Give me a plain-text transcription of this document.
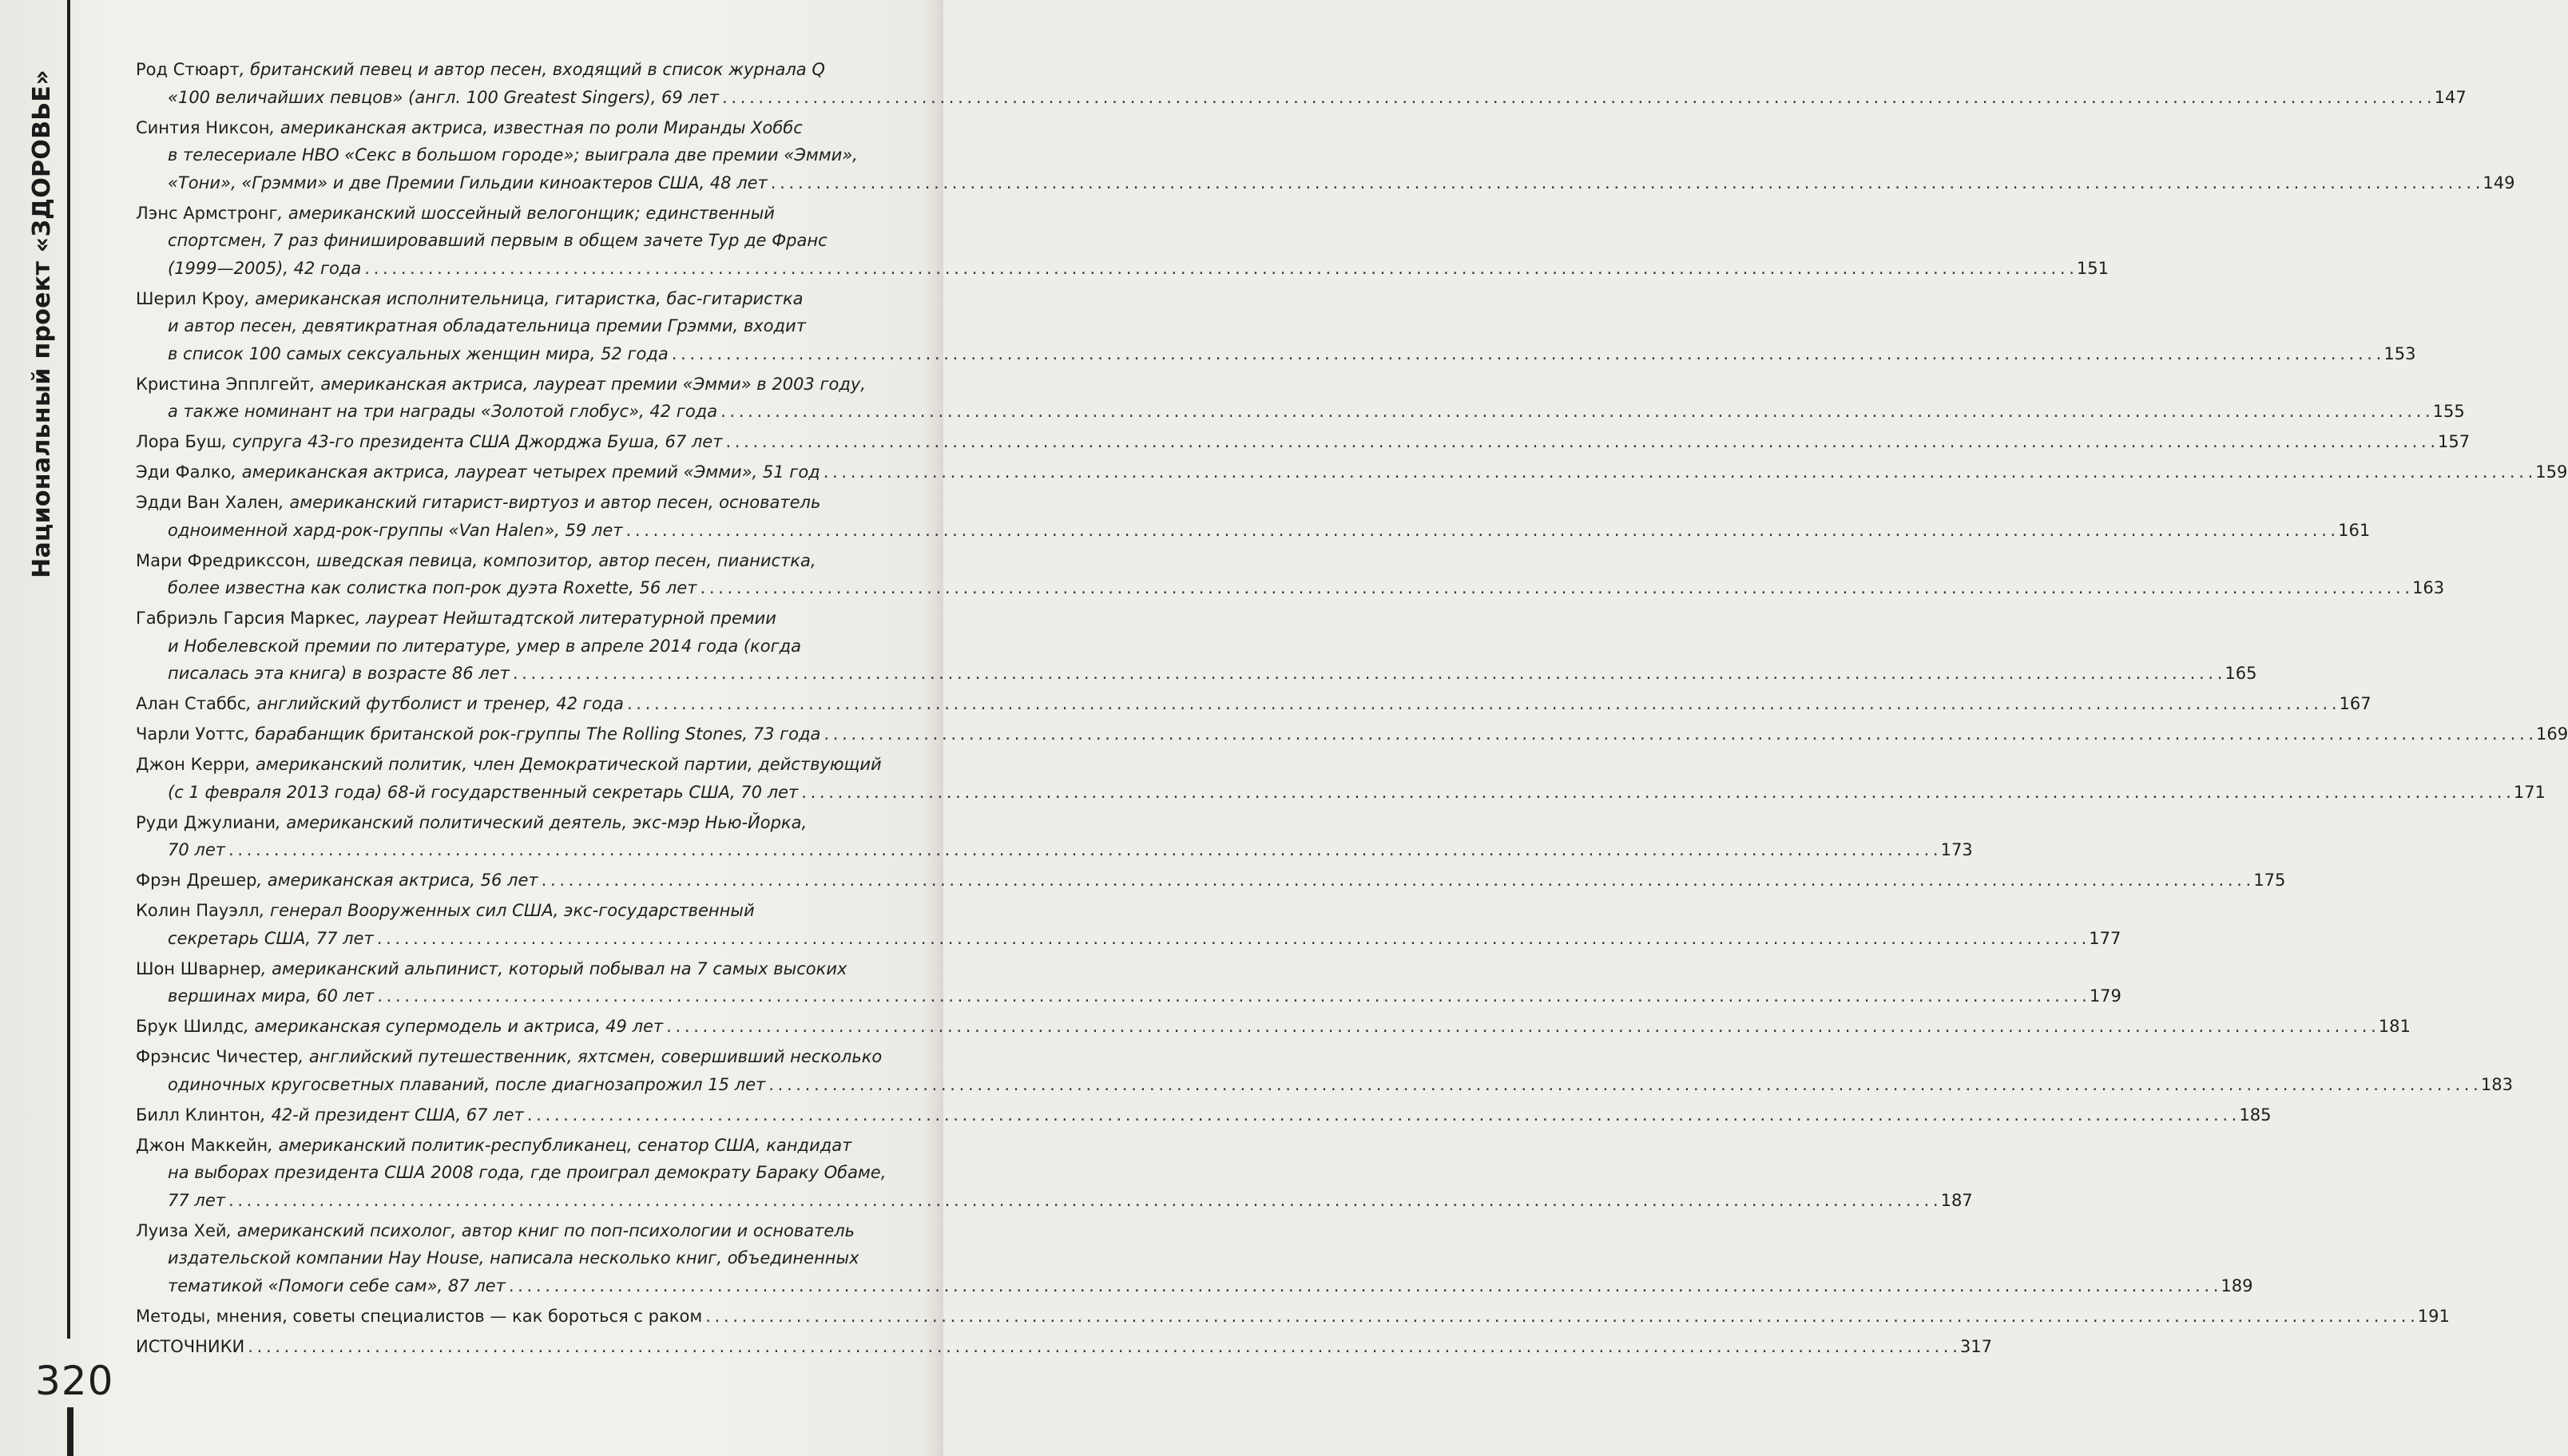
Национальный проект «ЗДОРОВЬЕ»
320
Род Стюарт, британский певец и автор песен, входящий в список журнала Q
«100 величайших певцов» (англ. 100 Greatest Singers), 69 лет . . .	147
Синтия Никсон, американская актриса, известная по роли Миранды Хоббс
в телесериале HBO «Секс в большом городе»; выиграла две премии «Эмми»,
«Тони», «Грэмми» и две Премии Гильдии киноактеров США, 48 лет . . .	149
Лэнс Армстронг, американский шоссейный велогонщик; единственный
спортсмен, 7 раз финишировавший первым в общем зачете Тур де Франс
(1999—2005), 42 года . . .	151
Шерил Кроу, американская исполнительница, гитаристка, бас-гитаристка
и автор песен, девятикратная обладательница премии Грэмми, входит
в список 100 самых сексуальных женщин мира, 52 года . . .	153
Кристина Эпплгейт, американская актриса, лауреат премии «Эмми» в 2003 году,
а также номинант на три награды «Золотой глобус», 42 года . . .	155
Лора Буш, супруга 43-го президента США Джорджа Буша, 67 лет . . .	157
Эди Фалко, американская актриса, лауреат четырех премий «Эмми», 51 год . . .	159
Эдди Ван Хален, американский гитарист-виртуоз и автор песен, основатель
одноименной хард-рок-группы «Van Halen», 59 лет . . .	161
Мари Фредрикссон, шведская певица, композитор, автор песен, пианистка,
более известна как солистка поп-рок дуэта Roxette, 56 лет . . .	163
Габриэль Гарсия Маркес, лауреат Нейштадтской литературной премии
и Нобелевской премии по литературе, умер в апреле 2014 года (когда
писалась эта книга) в возрасте 86 лет . . .	165
Алан Стаббс, английский футболист и тренер, 42 года . . .	167
Чарли Уоттс, барабанщик британской рок-группы The Rolling Stones, 73 года . . .	169
Джон Керри, американский политик, член Демократической партии, действующий
(с 1 февраля 2013 года) 68-й государственный секретарь США, 70 лет . . .	171
Руди Джулиани, американский политический деятель, экс-мэр Нью-Йорка,
70 лет . . .	173
Фрэн Дрешер, американская актриса, 56 лет . . .	175
Колин Пауэлл, генерал Вооруженных сил США, экс-государственный
секретарь США, 77 лет . . .	177
Шон Шварнер, американский альпинист, который побывал на 7 самых высоких
вершинах мира, 60 лет . . .	179
Брук Шилдс, американская супермодель и актриса, 49 лет . . .	181
Фрэнсис Чичестер, английский путешественник, яхтсмен, совершивший несколько
одиночных кругосветных плаваний, после диагнозапрожил 15 лет . . .	183
Билл Клинтон, 42-й президент США, 67 лет . . .	185
Джон Маккейн, американский политик-республиканец, сенатор США, кандидат
на выборах президента США 2008 года, где проиграл демократу Бараку Обаме,
77 лет . . .	187
Луиза Хей, американский психолог, автор книг по поп-психологии и основатель
издательской компании Hay House, написала несколько книг, объединенных
тематикой «Помоги себе сам», 87 лет . . .	189
Методы, мнения, советы специалистов — как бороться с раком . . .	191
ИСТОЧНИКИ . . .	317
